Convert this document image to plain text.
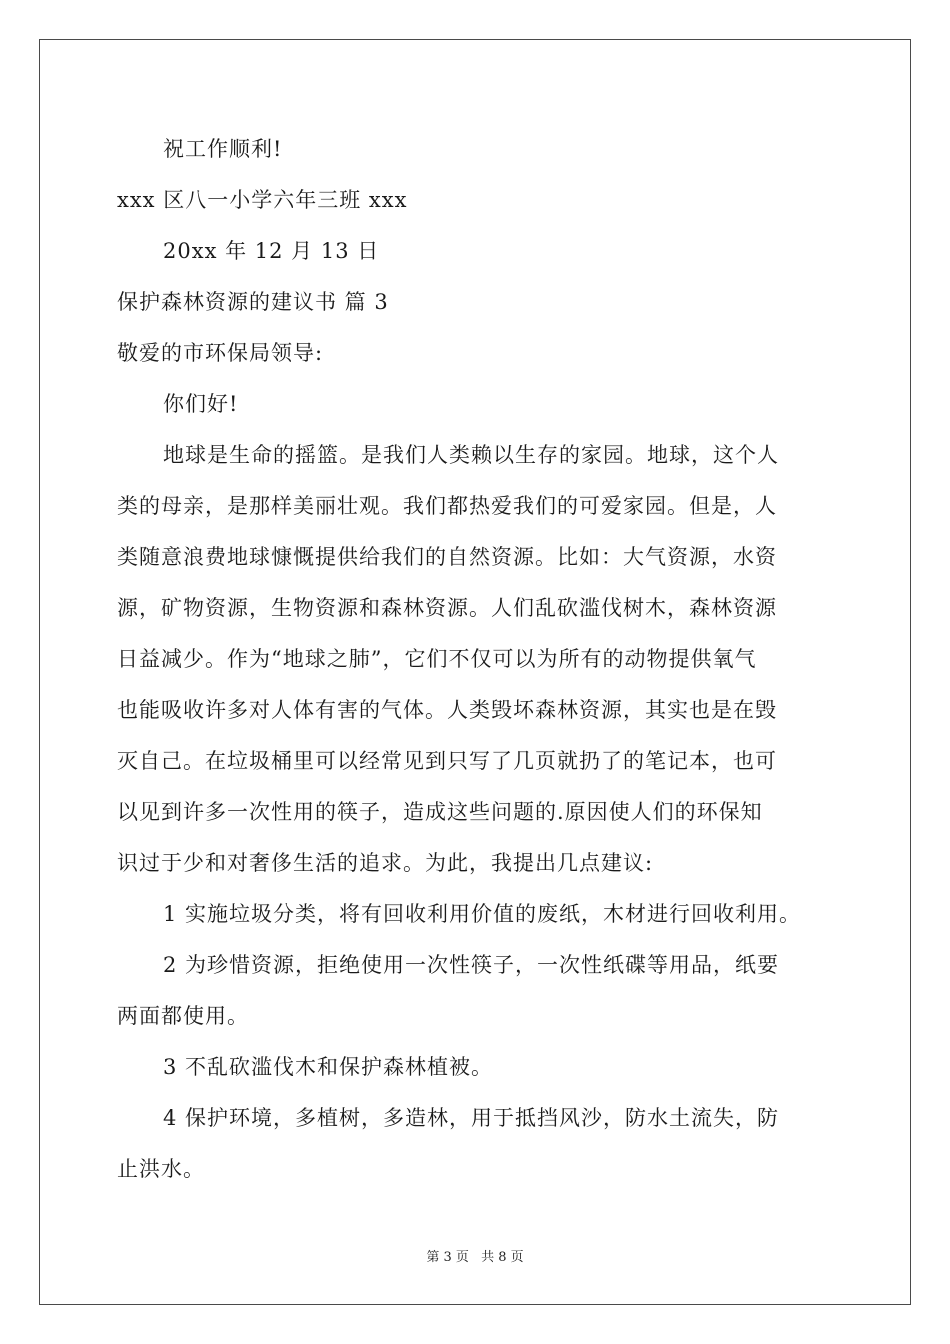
祝工作顺利!
xxx 区八一小学六年三班 xxx
20xx 年 12 月 13 日
保护森林资源的建议书 篇 3
敬爱的市环保局领导:
你们好!
地球是生命的摇篮。是我们人类赖以生存的家园。地球，这个人
类的母亲，是那样美丽壮观。我们都热爱我们的可爱家园。但是，人
类随意浪费地球慷慨提供给我们的自然资源。比如：大气资源，水资
源，矿物资源，生物资源和森林资源。人们乱砍滥伐树木，森林资源
日益减少。作为“地球之肺”，它们不仅可以为所有的动物提供氧气
也能吸收许多对人体有害的气体。人类毁坏森林资源，其实也是在毁
灭自己。在垃圾桶里可以经常见到只写了几页就扔了的笔记本，也可
以见到许多一次性用的筷子，造成这些问题的.原因使人们的环保知
识过于少和对奢侈生活的追求。为此，我提出几点建议:
1 实施垃圾分类，将有回收利用价值的废纸，木材进行回收利用。
2 为珍惜资源，拒绝使用一次性筷子，一次性纸碟等用品，纸要
两面都使用。
3 不乱砍滥伐木和保护森林植被。
4 保护环境，多植树，多造林，用于抵挡风沙，防水土流失，防
止洪水。
第 3 页 共 8 页
